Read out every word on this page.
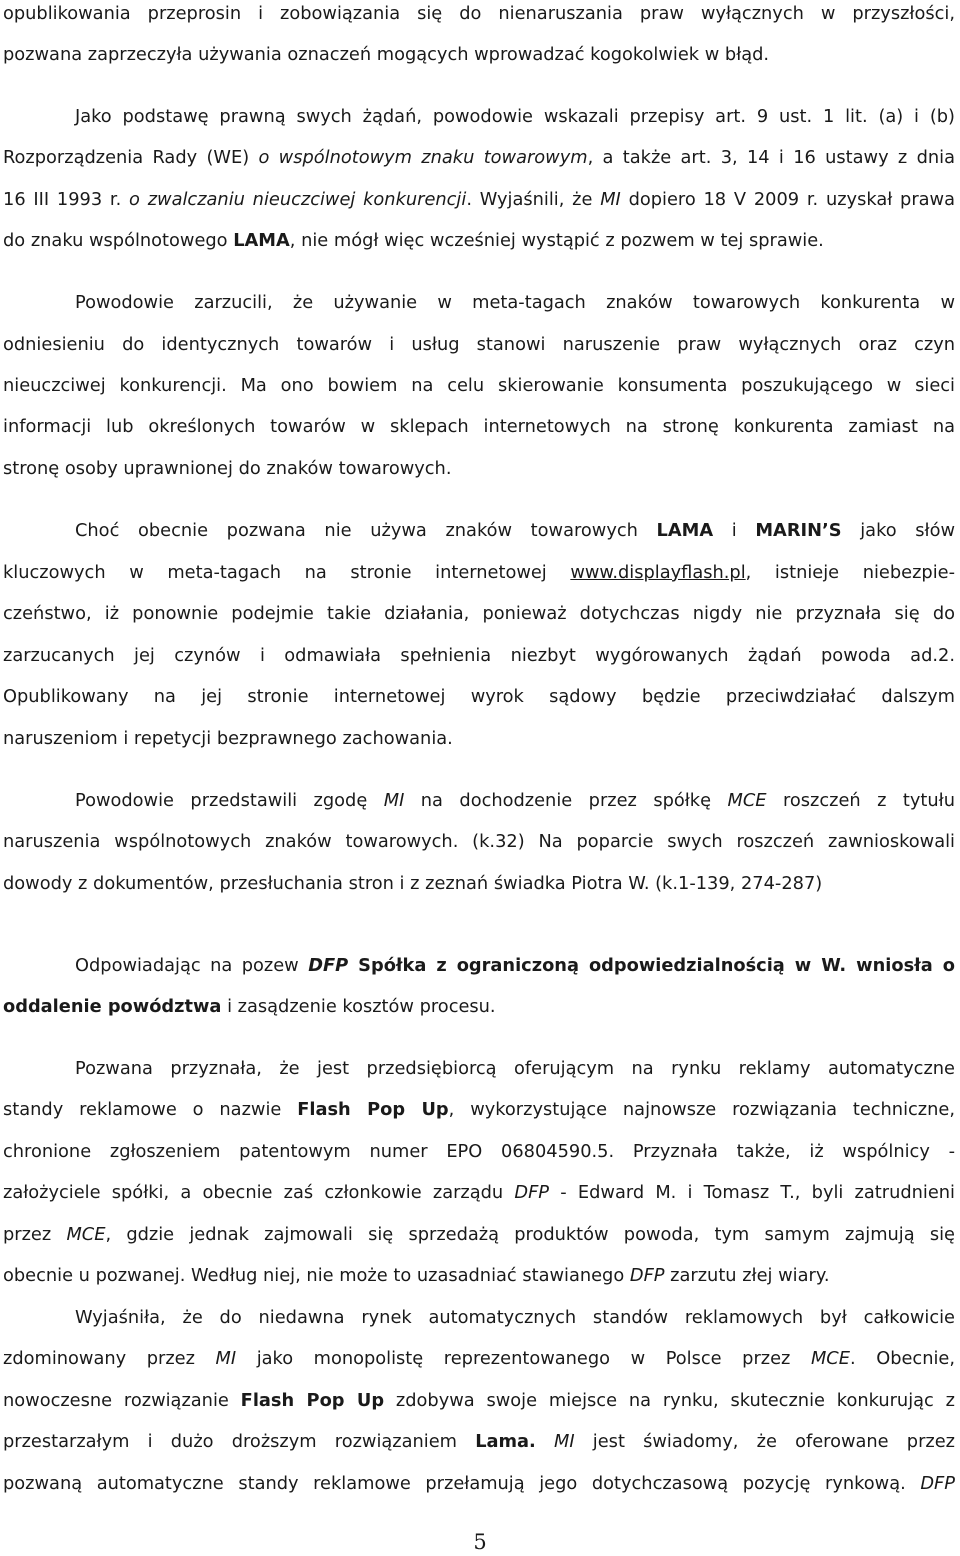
opublikowania przeprosin i zobowiązania się do nienaruszania praw wyłącznych w przyszłości,
pozwana zaprzeczyła używania oznaczeń mogących wprowadzać kogokolwiek w błąd.
Jako podstawę prawną swych żądań, powodowie wskazali przepisy art. 9 ust. 1 lit. (a) i (b)
Rozporządzenia Rady (WE) o wspólnotowym znaku towarowym, a także art. 3, 14 i 16 ustawy z dnia
16 III 1993 r. o zwalczaniu nieuczciwej konkurencji. Wyjaśnili, że MI dopiero 18 V 2009 r. uzyskał prawa
do znaku wspólnotowego LAMA, nie mógł więc wcześniej wystąpić z pozwem w tej sprawie.
Powodowie zarzucili, że używanie w meta-tagach znaków towarowych konkurenta w
odniesieniu do identycznych towarów i usług stanowi naruszenie praw wyłącznych oraz czyn
nieuczciwej konkurencji. Ma ono bowiem na celu skierowanie konsumenta poszukującego w sieci
informacji lub określonych towarów w sklepach internetowych na stronę konkurenta zamiast na
stronę osoby uprawnionej do znaków towarowych.
Choć obecnie pozwana nie używa znaków towarowych LAMA i MARIN’S jako słów
kluczowych w meta-tagach na stronie internetowej www.displayflash.pl, istnieje niebezpie-
czeństwo, iż ponownie podejmie takie działania, ponieważ dotychczas nigdy nie przyznała się do
zarzucanych jej czynów i odmawiała spełnienia niezbyt wygórowanych żądań powoda ad.2.
Opublikowany na jej stronie internetowej wyrok sądowy będzie przeciwdziałać dalszym
naruszeniom i repetycji bezprawnego zachowania.
Powodowie przedstawili zgodę MI na dochodzenie przez spółkę MCE roszczeń z tytułu
naruszenia wspólnotowych znaków towarowych. (k.32) Na poparcie swych roszczeń zawnioskowali
dowody z dokumentów, przesłuchania stron i z zeznań świadka Piotra W. (k.1-139, 274-287)
Odpowiadając na pozew DFP Spółka z ograniczoną odpowiedzialnością w W. wniosła o
oddalenie powództwa i zasądzenie kosztów procesu.
Pozwana przyznała, że jest przedsiębiorcą oferującym na rynku reklamy automatyczne
standy reklamowe o nazwie Flash Pop Up, wykorzystujące najnowsze rozwiązania techniczne,
chronione zgłoszeniem patentowym numer EPO 06804590.5. Przyznała także, iż wspólnicy -
założyciele spółki, a obecnie zaś członkowie zarządu DFP - Edward M. i Tomasz T., byli zatrudnieni
przez MCE, gdzie jednak zajmowali się sprzedażą produktów powoda, tym samym zajmują się
obecnie u pozwanej. Według niej, nie może to uzasadniać stawianego DFP zarzutu złej wiary.
Wyjaśniła, że do niedawna rynek automatycznych standów reklamowych był całkowicie
zdominowany przez MI jako monopolistę reprezentowanego w Polsce przez MCE. Obecnie,
nowoczesne rozwiązanie Flash Pop Up zdobywa swoje miejsce na rynku, skutecznie konkurując z
przestarzałym i dużo droższym rozwiązaniem Lama. MI jest świadomy, że oferowane przez
pozwaną automatyczne standy reklamowe przełamują jego dotychczasową pozycję rynkową. DFP
5
